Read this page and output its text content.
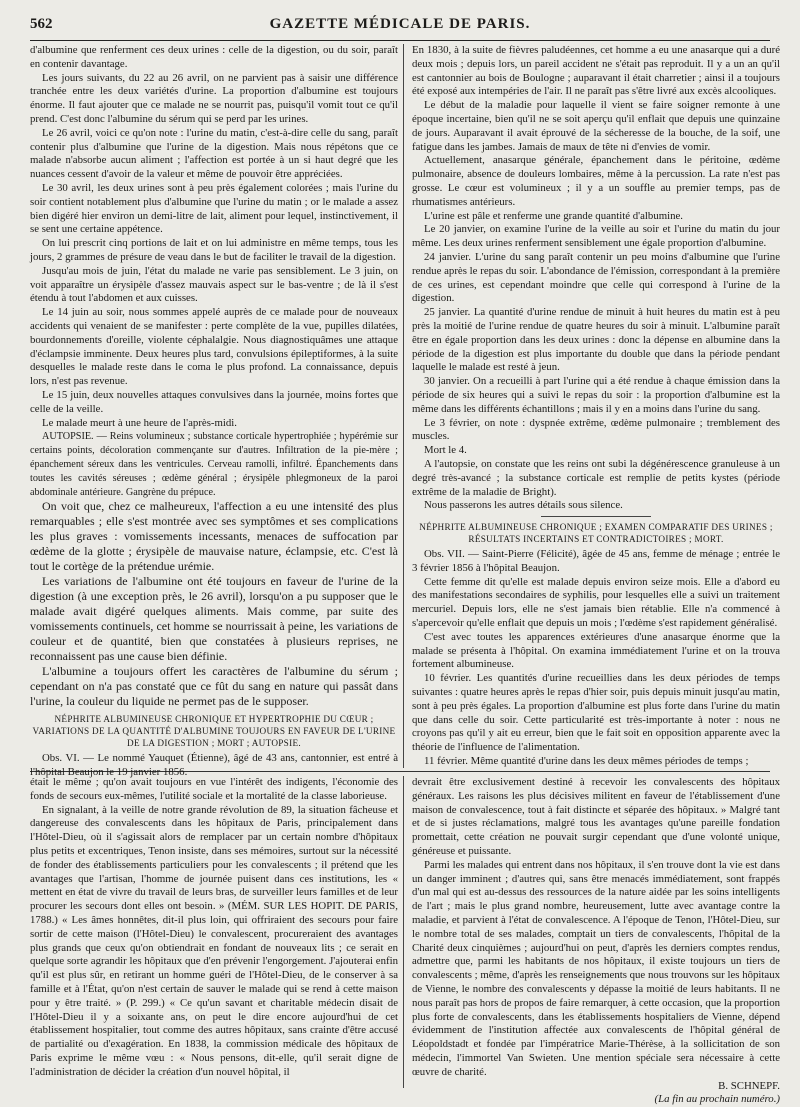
562	GAZETTE MÉDICALE DE PARIS.

d'albumine que renferment ces deux urines : celle de la digestion, ou du soir, paraît en contenir davantage.

Les jours suivants, du 22 au 26 avril, on ne parvient pas à saisir une différence tranchée entre les deux variétés d'urine. La proportion d'albumine est toujours énorme. Il faut ajouter que ce malade ne se nourrit pas, puisqu'il vomit tout ce qu'il prend. C'est donc l'albumine du sérum qui se perd par les urines.

Le 26 avril, voici ce qu'on note : l'urine du matin, c'est-à-dire celle du sang, paraît contenir plus d'albumine que l'urine de la digestion. Mais nous répétons que ce malade n'absorbe aucun aliment ; l'affection est portée à un si haut degré que les nuances cessent d'avoir de la valeur et même de pouvoir être appréciées.

Le 30 avril, les deux urines sont à peu près également colorées ; mais l'urine du soir contient notablement plus d'albumine que l'urine du matin ; or le malade a assez bien digéré hier environ un demi-litre de lait, aliment pour lequel, instinctivement, il se sent une certaine appétence.

On lui prescrit cinq portions de lait et on lui administre en même temps, tous les jours, 2 grammes de présure de veau dans le but de faciliter le travail de la digestion.

Jusqu'au mois de juin, l'état du malade ne varie pas sensiblement. Le 3 juin, on voit apparaître un érysipèle d'assez mauvais aspect sur le bas-ventre ; de là il s'est étendu à tout l'abdomen et aux cuisses.

Le 14 juin au soir, nous sommes appelé auprès de ce malade pour de nouveaux accidents qui venaient de se manifester : perte complète de la vue, pupilles dilatées, bourdonnements d'oreille, violente céphalalgie. Nous diagnostiquâmes une attaque d'éclampsie imminente. Deux heures plus tard, convulsions épileptiformes, à la suite desquelles le malade reste dans le coma le plus profond. La connaissance, depuis lors, n'est pas revenue.

Le 15 juin, deux nouvelles attaques convulsives dans la journée, moins fortes que celle de la veille.

Le malade meurt à une heure de l'après-midi.

AUTOPSIE. — Reins volumineux ; substance corticale hypertrophiée ; hypérémie sur certains points, décoloration commençante sur d'autres. Infiltration de la pie-mère ; épanchement séreux dans les ventricules. Cerveau ramolli, infiltré. Épanchements dans toutes les cavités séreuses ; œdème général ; érysipèle phlegmoneux de la paroi abdominale antérieure. Gangrène du prépuce.

On voit que, chez ce malheureux, l'affection a eu une intensité des plus remarquables ; elle s'est montrée avec ses symptômes et ses complications les plus graves : vomissements incessants, menaces de suffocation par œdème de la glotte ; érysipèle de mauvaise nature, éclampsie, etc. C'est là tout le cortège de la prétendue urémie.

Les variations de l'albumine ont été toujours en faveur de l'urine de la digestion (à une exception près, le 26 avril), lorsqu'on a pu supposer que le malade avait digéré quelques aliments. Mais comme, par suite des vomissements continuels, cet homme se nourrissait à peine, les variations de couleur et de quantité, bien que constatées à plusieurs reprises, ne reconnaissent pas une cause bien définie.

L'albumine a toujours offert les caractères de l'albumine du sérum ; cependant on n'a pas constaté que ce fût du sang en nature qui passât dans l'urine, la couleur du liquide ne permet pas de le supposer.

NÉPHRITE ALBUMINEUSE CHRONIQUE ET HYPERTROPHIE DU CŒUR ; VARIATIONS DE LA QUANTITÉ D'ALBUMINE TOUJOURS EN FAVEUR DE L'URINE DE LA DIGESTION ; MORT ; AUTOPSIE.

Obs. VI. — Le nommé Yauquet (Étienne), âgé de 43 ans, cantonnier, est entré à l'hôpital Beaujon le 19 janvier 1856.

En 1830, à la suite de fièvres paludéennes, cet homme a eu une anasarque qui a duré deux mois ; depuis lors, un pareil accident ne s'était pas reproduit. Il y a un an qu'il est cantonnier au bois de Boulogne ; auparavant il était charretier ; ainsi il a toujours été exposé aux intempéries de l'air. Il ne paraît pas s'être livré aux excès alcooliques.

Le début de la maladie pour laquelle il vient se faire soigner remonte à une époque incertaine, bien qu'il ne se soit aperçu qu'il enflait que depuis une quinzaine de jours. Auparavant il avait éprouvé de la sécheresse de la bouche, de la soif, une fatigue dans les jambes. Jamais de maux de tête ni d'envies de vomir.

Actuellement, anasarque générale, épanchement dans le péritoine, œdème pulmonaire, absence de douleurs lombaires, même à la percussion. La rate n'est pas grosse. Le cœur est volumineux ; il y a un souffle au premier temps, pas de rhumatismes antérieurs.

L'urine est pâle et renferme une grande quantité d'albumine.

Le 20 janvier, on examine l'urine de la veille au soir et l'urine du matin du jour même. Les deux urines renferment sensiblement une égale proportion d'albumine.

24 janvier. L'urine du sang paraît contenir un peu moins d'albumine que l'urine rendue après le repas du soir. L'abondance de l'émission, correspondant à la première de ces urines, est cependant moindre que celle qui correspond à l'urine de la digestion.

25 janvier. La quantité d'urine rendue de minuit à huit heures du matin est à peu près la moitié de l'urine rendue de quatre heures du soir à minuit. L'albumine paraît être en égale proportion dans les deux urines : donc la dépense en albumine dans la période de la digestion est plus importante du double que dans la période pendant laquelle le malade est resté à jeun.

30 janvier. On a recueilli à part l'urine qui a été rendue à chaque émission dans la période de six heures qui a suivi le repas du soir : la proportion d'albumine est la même dans les différents échantillons ; mais il y en a moins dans l'urine du sang.

Le 3 février, on note : dyspnée extrême, œdème pulmonaire ; tremblement des muscles.

Mort le 4.

A l'autopsie, on constate que les reins ont subi la dégénérescence granuleuse à un degré très-avancé ; la substance corticale est remplie de petits kystes (période extrême de la maladie de Bright).

Nous passerons les autres détails sous silence.

NÉPHRITE ALBUMINEUSE CHRONIQUE ; EXAMEN COMPARATIF DES URINES ; RÉSULTATS INCERTAINS ET CONTRADICTOIRES ; MORT.

Obs. VII. — Saint-Pierre (Félicité), âgée de 45 ans, femme de ménage ; entrée le 3 février 1856 à l'hôpital Beaujon.

Cette femme dit qu'elle est malade depuis environ seize mois. Elle a d'abord eu des manifestations secondaires de syphilis, pour lesquelles elle a suivi un traitement mercuriel. Depuis lors, elle ne s'est jamais bien rétablie. Elle n'a commencé à s'apercevoir qu'elle enflait que depuis un mois ; l'œdème s'est rapidement généralisé.

C'est avec toutes les apparences extérieures d'une anasarque énorme que la malade se présenta à l'hôpital. On examina immédiatement l'urine et on la trouva fortement albumineuse.

10 février. Les quantités d'urine recueillies dans les deux périodes de temps suivantes : quatre heures après le repas d'hier soir, puis depuis minuit jusqu'au matin, sont à peu près égales. La proportion d'albumine est plus forte dans l'urine du matin que dans celle du soir. Cette particularité est très-importante à noter : nous ne croyons pas qu'il y ait eu erreur, bien que le fait soit en opposition apparente avec la théorie de l'influence de l'alimentation.

11 février. Même quantité d'urine dans les deux mêmes périodes de temps ;

était le même ; qu'on avait toujours en vue l'intérêt des indigents, l'économie des fonds de secours eux-mêmes, l'utilité sociale et la mortalité de la classe laborieuse.

En signalant, à la veille de notre grande révolution de 89, la situation fâcheuse et dangereuse des convalescents dans les hôpitaux de Paris, principalement dans l'Hôtel-Dieu, où il s'agissait alors de remplacer par un certain nombre d'hôpitaux plus petits et excentriques, Tenon insiste, dans ses mémoires, surtout sur la nécessité de fonder des établissements particuliers pour les convalescents ; il prétend que les avantages que l'artisan, l'homme de journée puisent dans ces institutions, les « mettent en état de vivre du travail de leurs bras, de surveiller leurs familles et de leur procurer les secours dont elles ont besoin. » (MÉM. SUR LES HOPIT. DE PARIS, 1788.) « Les âmes honnêtes, dit-il plus loin, qui offriraient des secours pour faire sortir de cette maison (l'Hôtel-Dieu) le convalescent, procureraient des avantages plus grands que ceux qu'on obtiendrait en fondant de nouveaux lits ; ce serait en quelque sorte agrandir les hôpitaux que d'en prévenir l'engorgement. J'ajouterai enfin qu'il est plus sûr, en retirant un homme guéri de l'Hôtel-Dieu, de le conserver à sa famille et à l'État, qu'on n'est certain de sauver le malade qui se rend à cette maison pour y être traité. » (P. 299.) « Ce qu'un savant et charitable médecin disait de l'Hôtel-Dieu il y a soixante ans, on peut le dire encore aujourd'hui de cet établissement hospitalier, tout comme des autres hôpitaux, sans crainte d'être accusé de partialité ou d'exagération. En 1838, la commission médicale des hôpitaux de Paris exprime le même vœu : « Nous pensons, dit-elle, qu'il serait digne de l'administration de décider la création d'un nouvel hôpital, il

devrait être exclusivement destiné à recevoir les convalescents des hôpitaux généraux. Les raisons les plus décisives militent en faveur de l'établissement d'une maison de convalescence, tout à fait distincte et séparée des hôpitaux. » Malgré tant et de si justes réclamations, malgré tous les avantages qu'une pareille fondation promettait, cette création ne pouvait surgir cependant que d'une volonté unique, généreuse et puissante.

Parmi les malades qui entrent dans nos hôpitaux, il s'en trouve dont la vie est dans un danger imminent ; d'autres qui, sans être menacés immédiatement, sont frappés d'un mal qui est au-dessus des ressources de la nature aidée par les soins intelligents de l'art ; mais le plus grand nombre, heureusement, lutte avec avantage contre la maladie, et parvient à l'état de convalescence. A l'époque de Tenon, l'Hôtel-Dieu, sur le nombre total de ses malades, comptait un tiers de convalescents, l'hôpital de la Charité deux cinquièmes ; aujourd'hui on peut, d'après les derniers comptes rendus, admettre que, parmi les habitants de nos hôpitaux, il existe toujours un tiers de convalescents ; même, d'après les renseignements que nous trouvons sur les hôpitaux de Vienne, le nombre des convalescents y dépasse la moitié de leurs habitants. Il ne nous paraît pas hors de propos de faire remarquer, à cette occasion, que la proportion plus forte de convalescents, dans les établissements hospitaliers de Vienne, dépend évidemment de l'institution affectée aux convalescents de l'hôpital général de Léopoldstadt et fondée par l'impératrice Marie-Thérèse, à la sollicitation de son médecin, l'immortel Van Swieten. Une mention spéciale sera nécessaire à cette œuvre de charité.

B. SCHNEPF.

(La fin au prochain numéro.)
